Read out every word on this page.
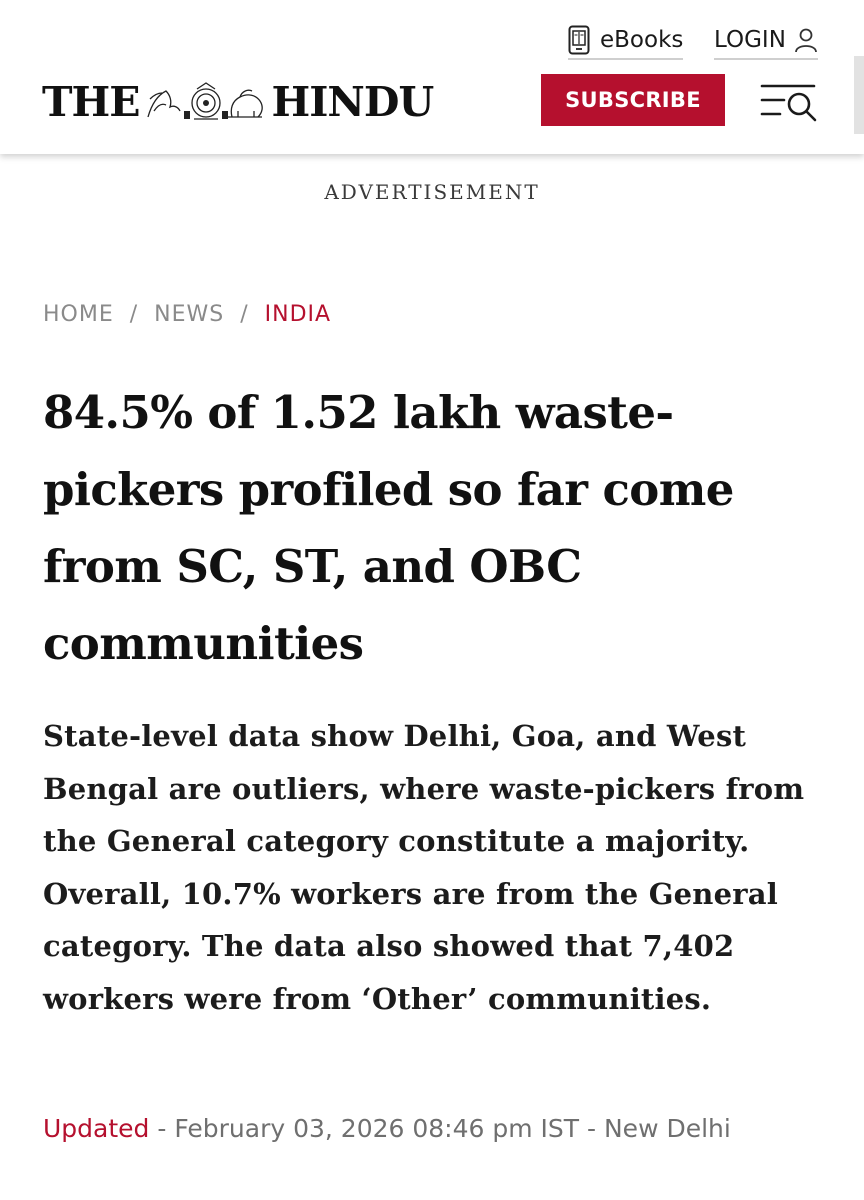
eBooks LOGIN
THE	HINDU	SUBSCRIBE
ADVERTISEMENT
HOME / NEWS / INDIA
84.5% of 1.52 lakh waste-pickers profiled so far come from SC, ST, and OBC communities

State-level data show Delhi, Goa, and West Bengal are outliers, where waste-pickers from the General category constitute a majority. Overall, 10.7% workers are from the General category. The data also showed that 7,402 workers were from ‘Other’ communities.

Updated - February 03, 2026 08:46 pm IST - New Delhi
